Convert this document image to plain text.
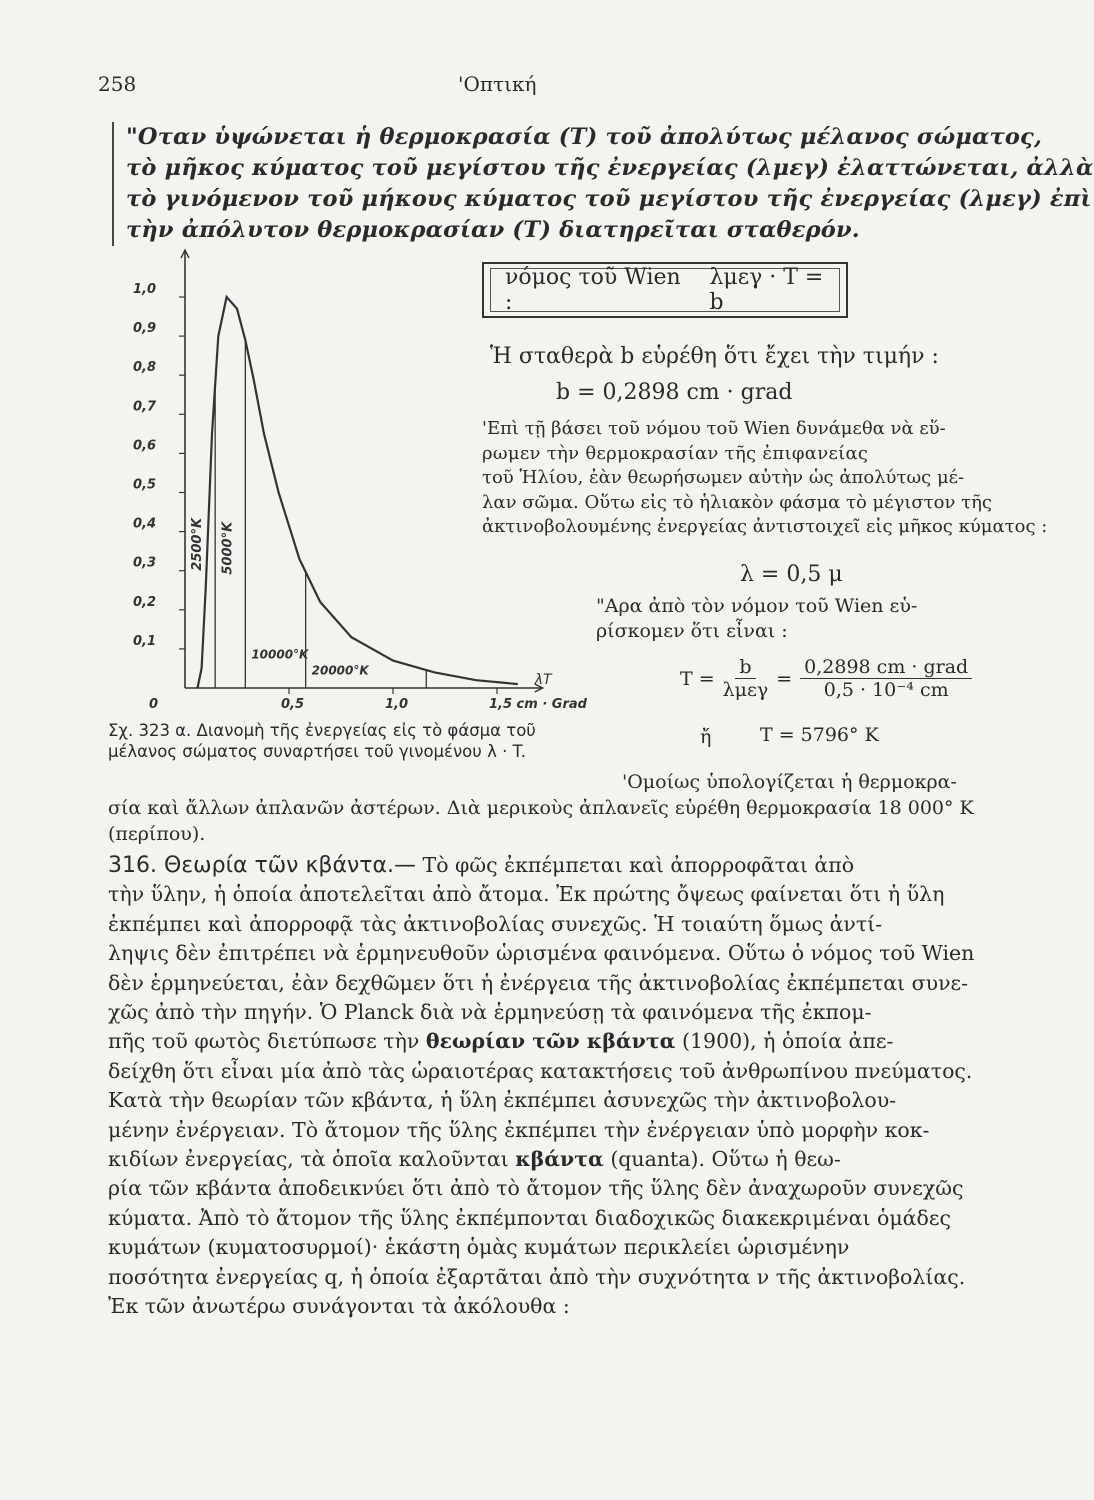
258	'Οπτική
"Οταν ὑψώνεται ἡ θερμοκρασία (T) τοῦ ἀπολύτως μέλανος σώματος,
τὸ μῆκος κύματος τοῦ μεγίστου τῆς ἐνεργείας (λμεγ) ἐλαττώνεται, ἀλλὰ
τὸ γινόμενον τοῦ μήκους κύματος τοῦ μεγίστου τῆς ἐνεργείας (λμεγ) ἐπὶ
τὴν ἀπόλυτον θερμοκρασίαν (T) διατηρεῖται σταθερόν.
νόμος τοῦ Wien :
λμεγ · T = b
Ἡ σταθερὰ b εὑρέθη ὅτι ἔχει τὴν τιμήν :
b = 0,2898 cm · grad
'Επὶ τῇ βάσει τοῦ νόμου τοῦ Wien δυνάμεθα νὰ εὕ-
ρωμεν τὴν θερμοκρασίαν τῆς ἐπιφανείας
τοῦ Ἡλίου, ἐὰν θεωρήσωμεν αὐτὴν ὡς ἀπολύτως μέ-
λαν σῶμα. Οὕτω εἰς τὸ ἡλιακὸν φάσμα τὸ μέγιστον τῆς
ἀκτινοβολουμένης ἐνεργείας ἀντιστοιχεῖ εἰς μῆκος κύματος :
λ = 0,5 μ
"Αρα ἀπὸ τὸν νόμον τοῦ Wien εὑ-
ρίσκομεν ὅτι εἶναι :
$T = \frac{b}{\text{λμεγ}} = \frac{\text{0,2898 cm · grad}}{\text{0,5 · 10⁻⁴ cm}}$
ἤ	T = 5796° K
'Ομοίως ὑπολογίζεται ἡ θερμοκρα-
σία καὶ ἄλλων ἀπλανῶν ἀστέρων. Διὰ μερικοὺς ἀπλανεῖς εὑρέθη θερμοκρασία 18 000° K
(περίπου).
1,0
0,9
0,8
0,7
0,6
0,5
0,4
0,3
0,2
0,1
0	0,5	1,0	1,5 cm · Grad
λT
2500°K 5000°K
10000°K
20000°K
Σχ. 323 α. Διανομὴ τῆς ἐνεργείας εἰς τὸ φάσμα τοῦ
μέλανος σώματος συναρτήσει τοῦ γινομένου λ · T.
316. Θεωρία τῶν κβάντα.— Τὸ φῶς ἐκπέμπεται καὶ ἀπορροφᾶται ἀπὸ
τὴν ὕλην, ἡ ὁποία ἀποτελεῖται ἀπὸ ἄτομα. Ἐκ πρώτης ὄψεως φαίνεται ὅτι ἡ ὕλη
ἐκπέμπει καὶ ἀπορροφᾷ τὰς ἀκτινοβολίας συνεχῶς. Ἡ τοιαύτη ὅμως ἀντί-
ληψις δὲν ἐπιτρέπει νὰ ἑρμηνευθοῦν ὡρισμένα φαινόμενα. Οὕτω ὁ νόμος τοῦ Wien
δὲν ἑρμηνεύεται, ἐὰν δεχθῶμεν ὅτι ἡ ἐνέργεια τῆς ἀκτινοβολίας ἐκπέμπεται συνε-
χῶς ἀπὸ τὴν πηγήν. Ὁ Planck διὰ νὰ ἑρμηνεύσῃ τὰ φαινόμενα τῆς ἐκπομ-
πῆς τοῦ φωτὸς διετύπωσε τὴν θεωρίαν τῶν κβάντα (1900), ἡ ὁποία ἀπε-
δείχθη ὅτι εἶναι μία ἀπὸ τὰς ὡραιοτέρας κατακτήσεις τοῦ ἀνθρωπίνου πνεύματος.
Κατὰ τὴν θεωρίαν τῶν κβάντα, ἡ ὕλη ἐκπέμπει ἀσυνεχῶς τὴν ἀκτινοβολου-
μένην ἐνέργειαν. Τὸ ἄτομον τῆς ὕλης ἐκπέμπει τὴν ἐνέργειαν ὑπὸ μορφὴν κοκ-
κιδίων ἐνεργείας, τὰ ὁποῖα καλοῦνται κβάντα (quanta). Οὕτω ἡ θεω-
ρία τῶν κβάντα ἀποδεικνύει ὅτι ἀπὸ τὸ ἄτομον τῆς ὕλης δὲν ἀναχωροῦν συνεχῶς
κύματα. Ἀπὸ τὸ ἄτομον τῆς ὕλης ἐκπέμπονται διαδοχικῶς διακεκριμέναι ὁμάδες
κυμάτων (κυματοσυρμοί)· ἑκάστη ὁμὰς κυμάτων περικλείει ὡρισμένην
ποσότητα ἐνεργείας q, ἡ ὁποία ἐξαρτᾶται ἀπὸ τὴν συχνότητα ν τῆς ἀκτινοβολίας.
Ἐκ τῶν ἀνωτέρω συνάγονται τὰ ἀκόλουθα :
